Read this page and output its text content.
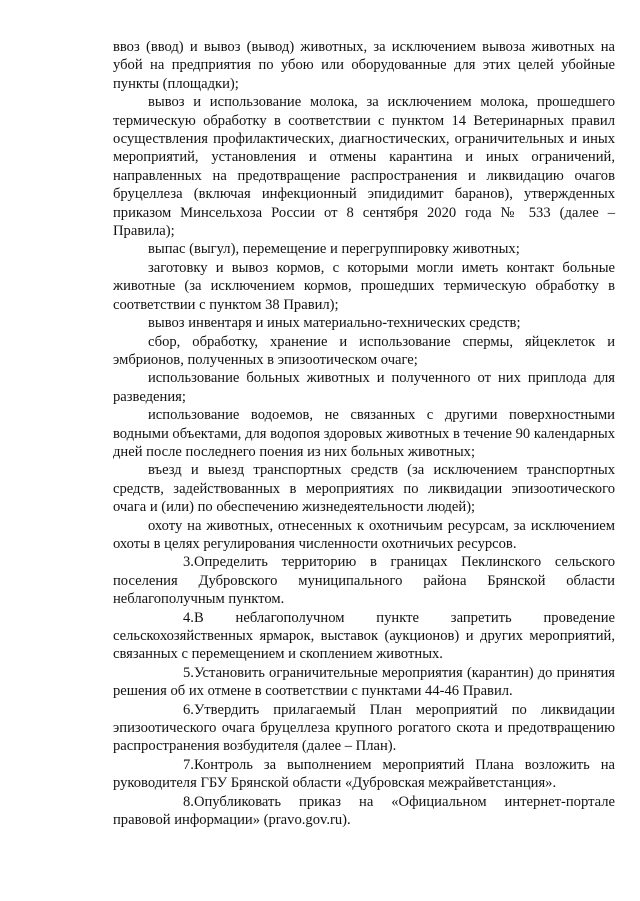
ввоз (ввод) и вывоз (вывод) животных, за исключением вывоза животных на убой на предприятия по убою или оборудованные для этих целей убойные пункты (площадки);

вывоз и использование молока, за исключением молока, прошедшего термическую обработку в соответствии с пунктом 14 Ветеринарных правил осуществления профилактических, диагностических, ограничительных и иных мероприятий, установления и отмены карантина и иных ограничений, направленных на предотвращение распространения и ликвидацию очагов бруцеллеза (включая инфекционный эпидидимит баранов), утвержденных приказом Минсельхоза России от 8 сентября 2020 года № 533 (далее – Правила);

выпас (выгул), перемещение и перегруппировку животных;

заготовку и вывоз кормов, с которыми могли иметь контакт больные животные (за исключением кормов, прошедших термическую обработку в соответствии с пунктом 38 Правил);

вывоз инвентаря и иных материально-технических средств;

сбор, обработку, хранение и использование спермы, яйцеклеток и эмбрионов, полученных в эпизоотическом очаге;

использование больных животных и полученного от них приплода для разведения;

использование водоемов, не связанных с другими поверхностными водными объектами, для водопоя здоровых животных в течение 90 календарных дней после последнего поения из них больных животных;

въезд и выезд транспортных средств (за исключением транспортных средств, задействованных в мероприятиях по ликвидации эпизоотического очага и (или) по обеспечению жизнедеятельности людей);

охоту на животных, отнесенных к охотничьим ресурсам, за исключением охоты в целях регулирования численности охотничьих ресурсов.

3.Определить территорию в границах Пеклинского сельского поселения Дубровского муниципального района Брянской области неблагополучным пунктом.

4.В неблагополучном пункте запретить проведение сельскохозяйственных ярмарок, выставок (аукционов) и других мероприятий, связанных с перемещением и скоплением животных.

5.Установить ограничительные мероприятия (карантин) до принятия решения об их отмене в соответствии с пунктами 44-46 Правил.

6.Утвердить прилагаемый План мероприятий по ликвидации эпизоотического очага бруцеллеза крупного рогатого скота и предотвращению распространения возбудителя (далее – План).

7.Контроль за выполнением мероприятий Плана возложить на руководителя ГБУ Брянской области «Дубровская межрайветстанция».

8.Опубликовать приказ на «Официальном интернет-портале правовой информации» (pravo.gov.ru).
